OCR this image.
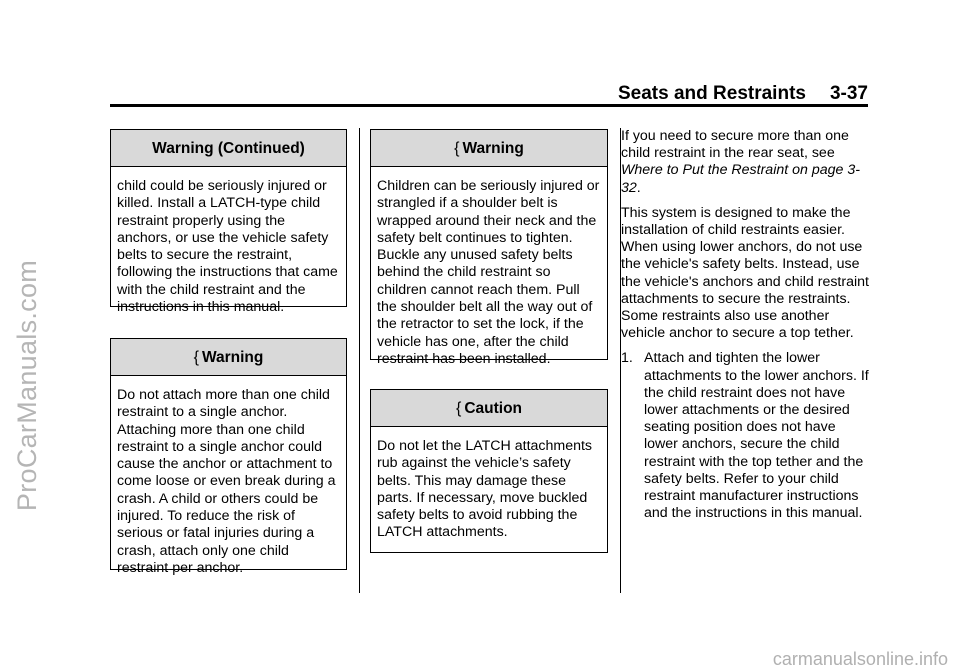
ProCarManuals.com
Seats and Restraints 3-37
Warning (Continued)
child could be seriously injured or killed. Install a LATCH-type child restraint properly using the anchors, or use the vehicle safety belts to secure the restraint, following the instructions that came with the child restraint and the instructions in this manual.
{ Warning
Do not attach more than one child restraint to a single anchor. Attaching more than one child restraint to a single anchor could cause the anchor or attachment to come loose or even break during a crash. A child or others could be injured. To reduce the risk of serious or fatal injuries during a crash, attach only one child restraint per anchor.
{ Warning
Children can be seriously injured or strangled if a shoulder belt is wrapped around their neck and the safety belt continues to tighten. Buckle any unused safety belts behind the child restraint so children cannot reach them. Pull the shoulder belt all the way out of the retractor to set the lock, if the vehicle has one, after the child restraint has been installed.
{ Caution
Do not let the LATCH attachments rub against the vehicle’s safety belts. This may damage these parts. If necessary, move buckled safety belts to avoid rubbing the LATCH attachments.

If you need to secure more than one child restraint in the rear seat, see Where to Put the Restraint on page 3-32.

This system is designed to make the installation of child restraints easier. When using lower anchors, do not use the vehicle's safety belts. Instead, use the vehicle's anchors and child restraint attachments to secure the restraints. Some restraints also use another vehicle anchor to secure a top tether.

1. Attach and tighten the lower attachments to the lower anchors. If the child restraint does not have lower attachments or the desired seating position does not have lower anchors, secure the child restraint with the top tether and the safety belts. Refer to your child restraint manufacturer instructions and the instructions in this manual.
carmanualsonline.info
